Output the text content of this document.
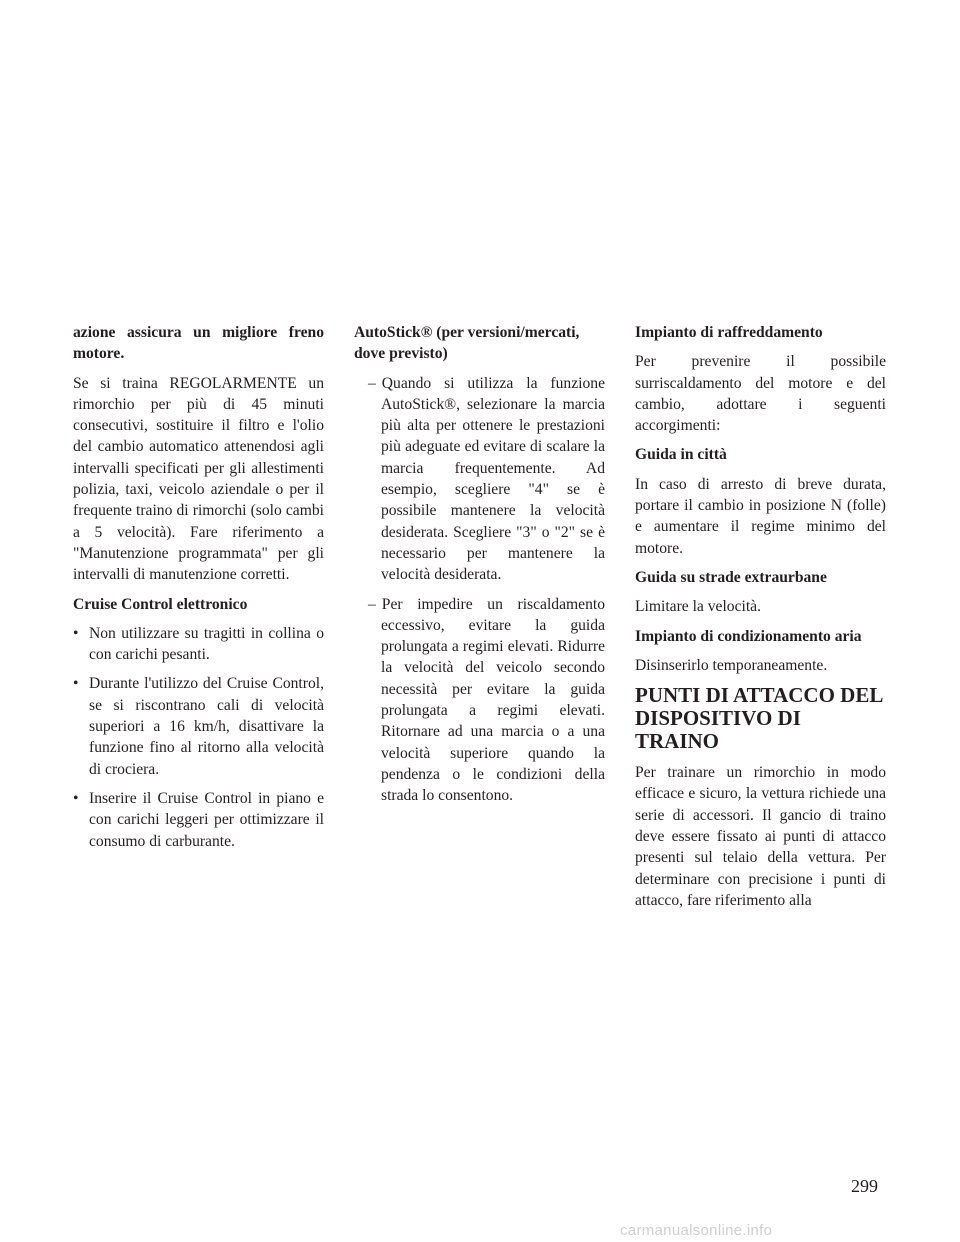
azione assicura un migliore freno motore.

Se si traina REGOLARMENTE un rimorchio per più di 45 minuti consecutivi, sostituire il filtro e l'olio del cambio automatico attenendosi agli intervalli specificati per gli allestimenti polizia, taxi, veicolo aziendale o per il frequente traino di rimorchi (solo cambi a 5 velocità). Fare riferimento a "Manutenzione programmata" per gli intervalli di manutenzione corretti.

Cruise Control elettronico

• Non utilizzare su tragitti in collina o con carichi pesanti.
• Durante l'utilizzo del Cruise Control, se si riscontrano cali di velocità superiori a 16 km/h, disattivare la funzione fino al ritorno alla velocità di crociera.
• Inserire il Cruise Control in piano e con carichi leggeri per ottimizzare il consumo di carburante.

AutoStick® (per versioni/mercati, dove previsto)

– Quando si utilizza la funzione AutoStick®, selezionare la marcia più alta per ottenere le prestazioni più adeguate ed evitare di scalare la marcia frequentemente. Ad esempio, scegliere "4" se è possibile mantenere la velocità desiderata. Scegliere "3" o "2" se è necessario per mantenere la velocità desiderata.
– Per impedire un riscaldamento eccessivo, evitare la guida prolungata a regimi elevati. Ridurre la velocità del veicolo secondo necessità per evitare la guida prolungata a regimi elevati. Ritornare ad una marcia o a una velocità superiore quando la pendenza o le condizioni della strada lo consentono.

Impianto di raffreddamento

Per prevenire il possibile surriscaldamento del motore e del cambio, adottare i seguenti accorgimenti:

Guida in città

In caso di arresto di breve durata, portare il cambio in posizione N (folle) e aumentare il regime minimo del motore.

Guida su strade extraurbane

Limitare la velocità.

Impianto di condizionamento aria

Disinserirlo temporaneamente.

PUNTI DI ATTACCO DEL
DISPOSITIVO DI TRAINO

Per trainare un rimorchio in modo efficace e sicuro, la vettura richiede una serie di accessori. Il gancio di traino deve essere fissato ai punti di attacco presenti sul telaio della vettura. Per determinare con precisione i punti di attacco, fare riferimento alla

299
carmanualsonline.info
